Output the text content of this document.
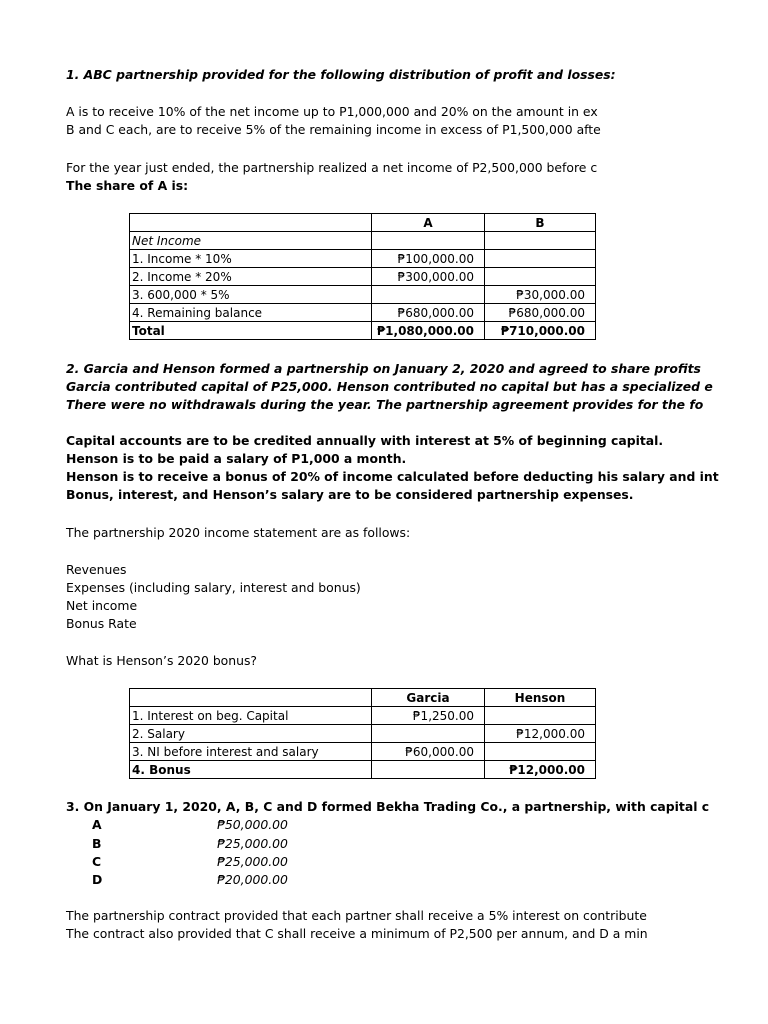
1. ABC partnership provided for the following distribution of profit and losses:
A is to receive 10% of the net income up to P1,000,000 and 20% on the amount in ex
B and C each, are to receive 5% of the remaining income in excess of P1,500,000 afte
For the year just ended, the partnership realized a net income of P2,500,000 before c
The share of A is:
	A	B
Net Income		
1. Income * 10%	₱100,000.00	
2. Income * 20%	₱300,000.00	
3. 600,000 * 5%		₱30,000.00
4. Remaining balance	₱680,000.00	₱680,000.00
Total	₱1,080,000.00	₱710,000.00
2. Garcia and Henson formed a partnership on January 2, 2020 and agreed to share profits
Garcia contributed capital of P25,000. Henson contributed no capital but has a specialized e
There were no withdrawals during the year. The partnership agreement provides for the fo
Capital accounts are to be credited annually with interest at 5% of beginning capital.
Henson is to be paid a salary of P1,000 a month.
Henson is to receive a bonus of 20% of income calculated before deducting his salary and int
Bonus, interest, and Henson’s salary are to be considered partnership expenses.
The partnership 2020 income statement are as follows:
Revenues
Expenses (including salary, interest and bonus)
Net income
Bonus Rate
What is Henson’s 2020 bonus?
	Garcia	Henson
1. Interest on beg. Capital	₱1,250.00	
2. Salary		₱12,000.00
3. NI before interest and salary	₱60,000.00	
4. Bonus		₱12,000.00
3. On January 1, 2020, A, B, C and D formed Bekha Trading Co., a partnership, with capital c
A	₱50,000.00
B	₱25,000.00
C	₱25,000.00
D	₱20,000.00
The partnership contract provided that each partner shall receive a 5% interest on contribute
The contract also provided that C shall receive a minimum of P2,500 per annum, and D a min
